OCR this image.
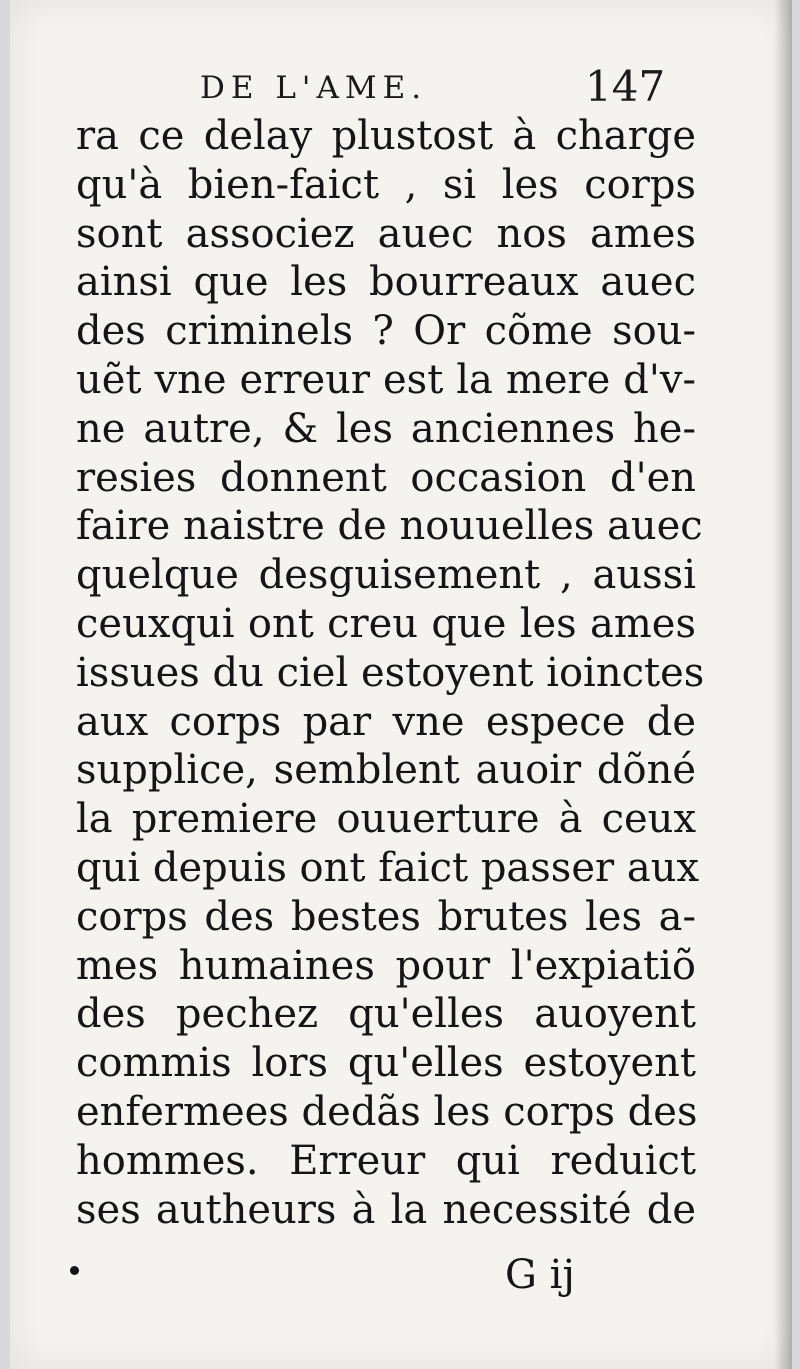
DE L'AME.	147
ra ce delay plustost à charge
qu'à bien-faict , si les corps
sont associez auec nos ames
ainsi que les bourreaux auec
des criminels ? Or cõme sou-
uẽt vne erreur est la mere d'v-
ne autre, & les anciennes he-
resies donnent occasion d'en
faire naistre de nouuelles auec
quelque desguisement , aussi
ceuxqui ont creu que les ames
issues du ciel estoyent ioinctes
aux corps par vne espece de
supplice, semblent auoir dõné
la premiere ouuerture à ceux
qui depuis ont faict passer aux
corps des bestes brutes les a-
mes humaines pour l'expiatiõ
des pechez qu'elles auoyent
commis lors qu'elles estoyent
enfermees dedãs les corps des
hommes. Erreur qui reduict
ses autheurs à la necessité de
G ij
